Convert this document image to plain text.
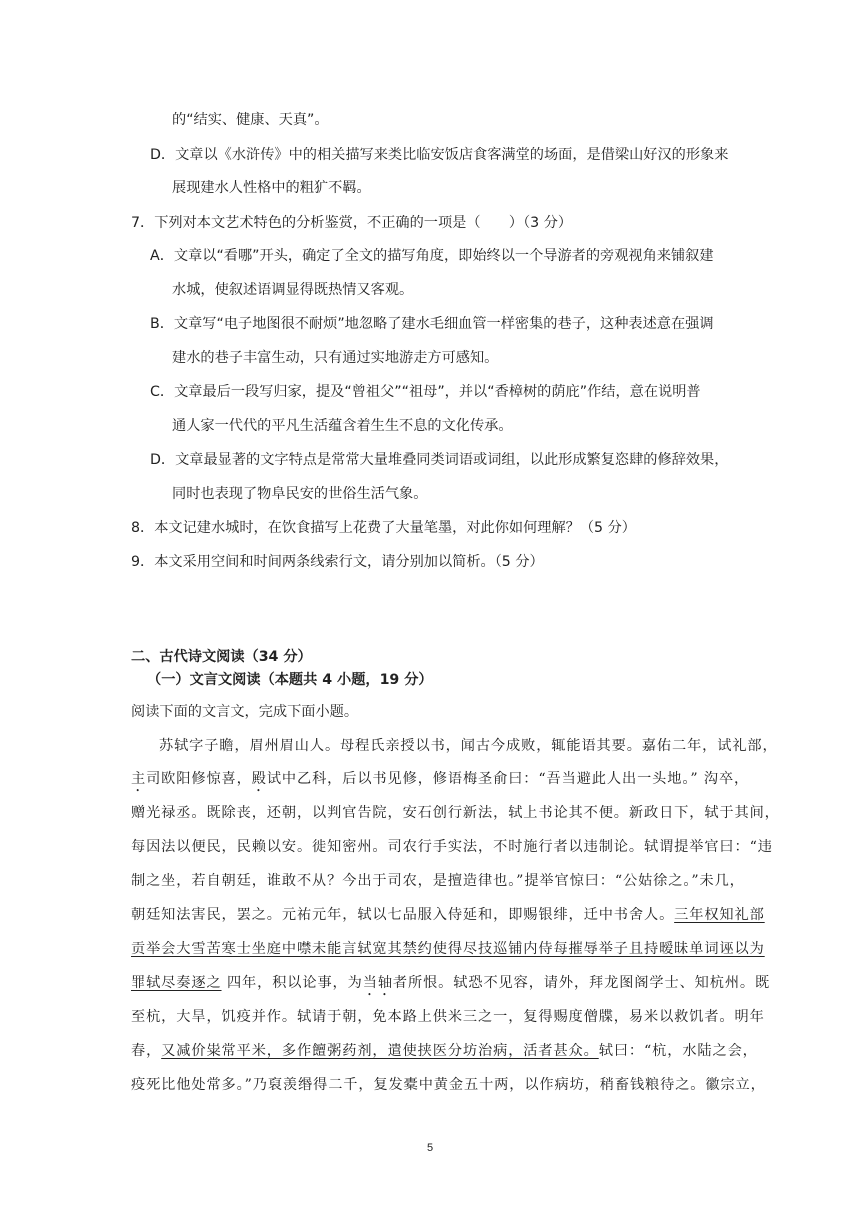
的“结实、健康、天真”。
D．文章以《水浒传》中的相关描写来类比临安饭店食客满堂的场面，是借梁山好汉的形象来
展现建水人性格中的粗犷不羁。
7．下列对本文艺术特色的分析鉴赏，不正确的一项是（　　）（3 分）
A．文章以“看哪”开头，确定了全文的描写角度，即始终以一个导游者的旁观视角来铺叙建
水城，使叙述语调显得既热情又客观。
B．文章写“电子地图很不耐烦”地忽略了建水毛细血管一样密集的巷子，这种表述意在强调
建水的巷子丰富生动，只有通过实地游走方可感知。
C．文章最后一段写归家，提及“曾祖父”“祖母”，并以“香樟树的荫庇”作结，意在说明普
通人家一代代的平凡生活蕴含着生生不息的文化传承。
D．文章最显著的文字特点是常常大量堆叠同类词语或词组，以此形成繁复恣肆的修辞效果，
同时也表现了物阜民安的世俗生活气象。
8．本文记建水城时，在饮食描写上花费了大量笔墨，对此你如何理解？（5 分）
9．本文采用空间和时间两条线索行文，请分别加以简析。（5 分）
二、古代诗文阅读（34 分）
（一）文言文阅读（本题共 4 小题，19 分）
阅读下面的文言文，完成下面小题。
苏轼字子瞻，眉州眉山人。母程氏亲授以书，闻古今成败，辄能语其要。嘉佑二年，试礼部，
主司欧阳修惊喜，殿试中乙科，后以书见修，修语梅圣俞曰：“吾当避此人出一头地。” 沟卒，
赠光禄丞。既除丧，还朝，以判官告院，安石创行新法，轼上书论其不便。新政日下，轼于其间，
每因法以便民，民赖以安。徙知密州。司农行手实法，不时施行者以违制论。轼谓提举官曰：“违
制之坐，若自朝廷，谁敢不从？今出于司农，是擅造律也。”提举官惊曰：“公姑徐之。”未几，
朝廷知法害民，罢之。元祐元年，轼以七品服入侍延和，即赐银绯，迁中书舍人。三年权知礼部
贡举会大雪苦寒士坐庭中噤未能言轼宽其禁约使得尽技巡铺内侍每摧辱举子且持暧昧单词诬以为
罪轼尽奏逐之 四年，积以论事，为当轴者所恨。轼恐不见容，请外，拜龙图阁学士、知杭州。既
至杭，大旱，饥疫并作。轼请于朝，免本路上供米三之一，复得赐度僧牒，易米以救饥者。明年
春，又减价粜常平米，多作饘粥药剂，遣使挟医分坊治病，活者甚众。轼曰：“杭，水陆之会，
疫死比他处常多。”乃裒羡缗得二千，复发橐中黄金五十两，以作病坊，稍畜钱粮待之。徽宗立，
5
